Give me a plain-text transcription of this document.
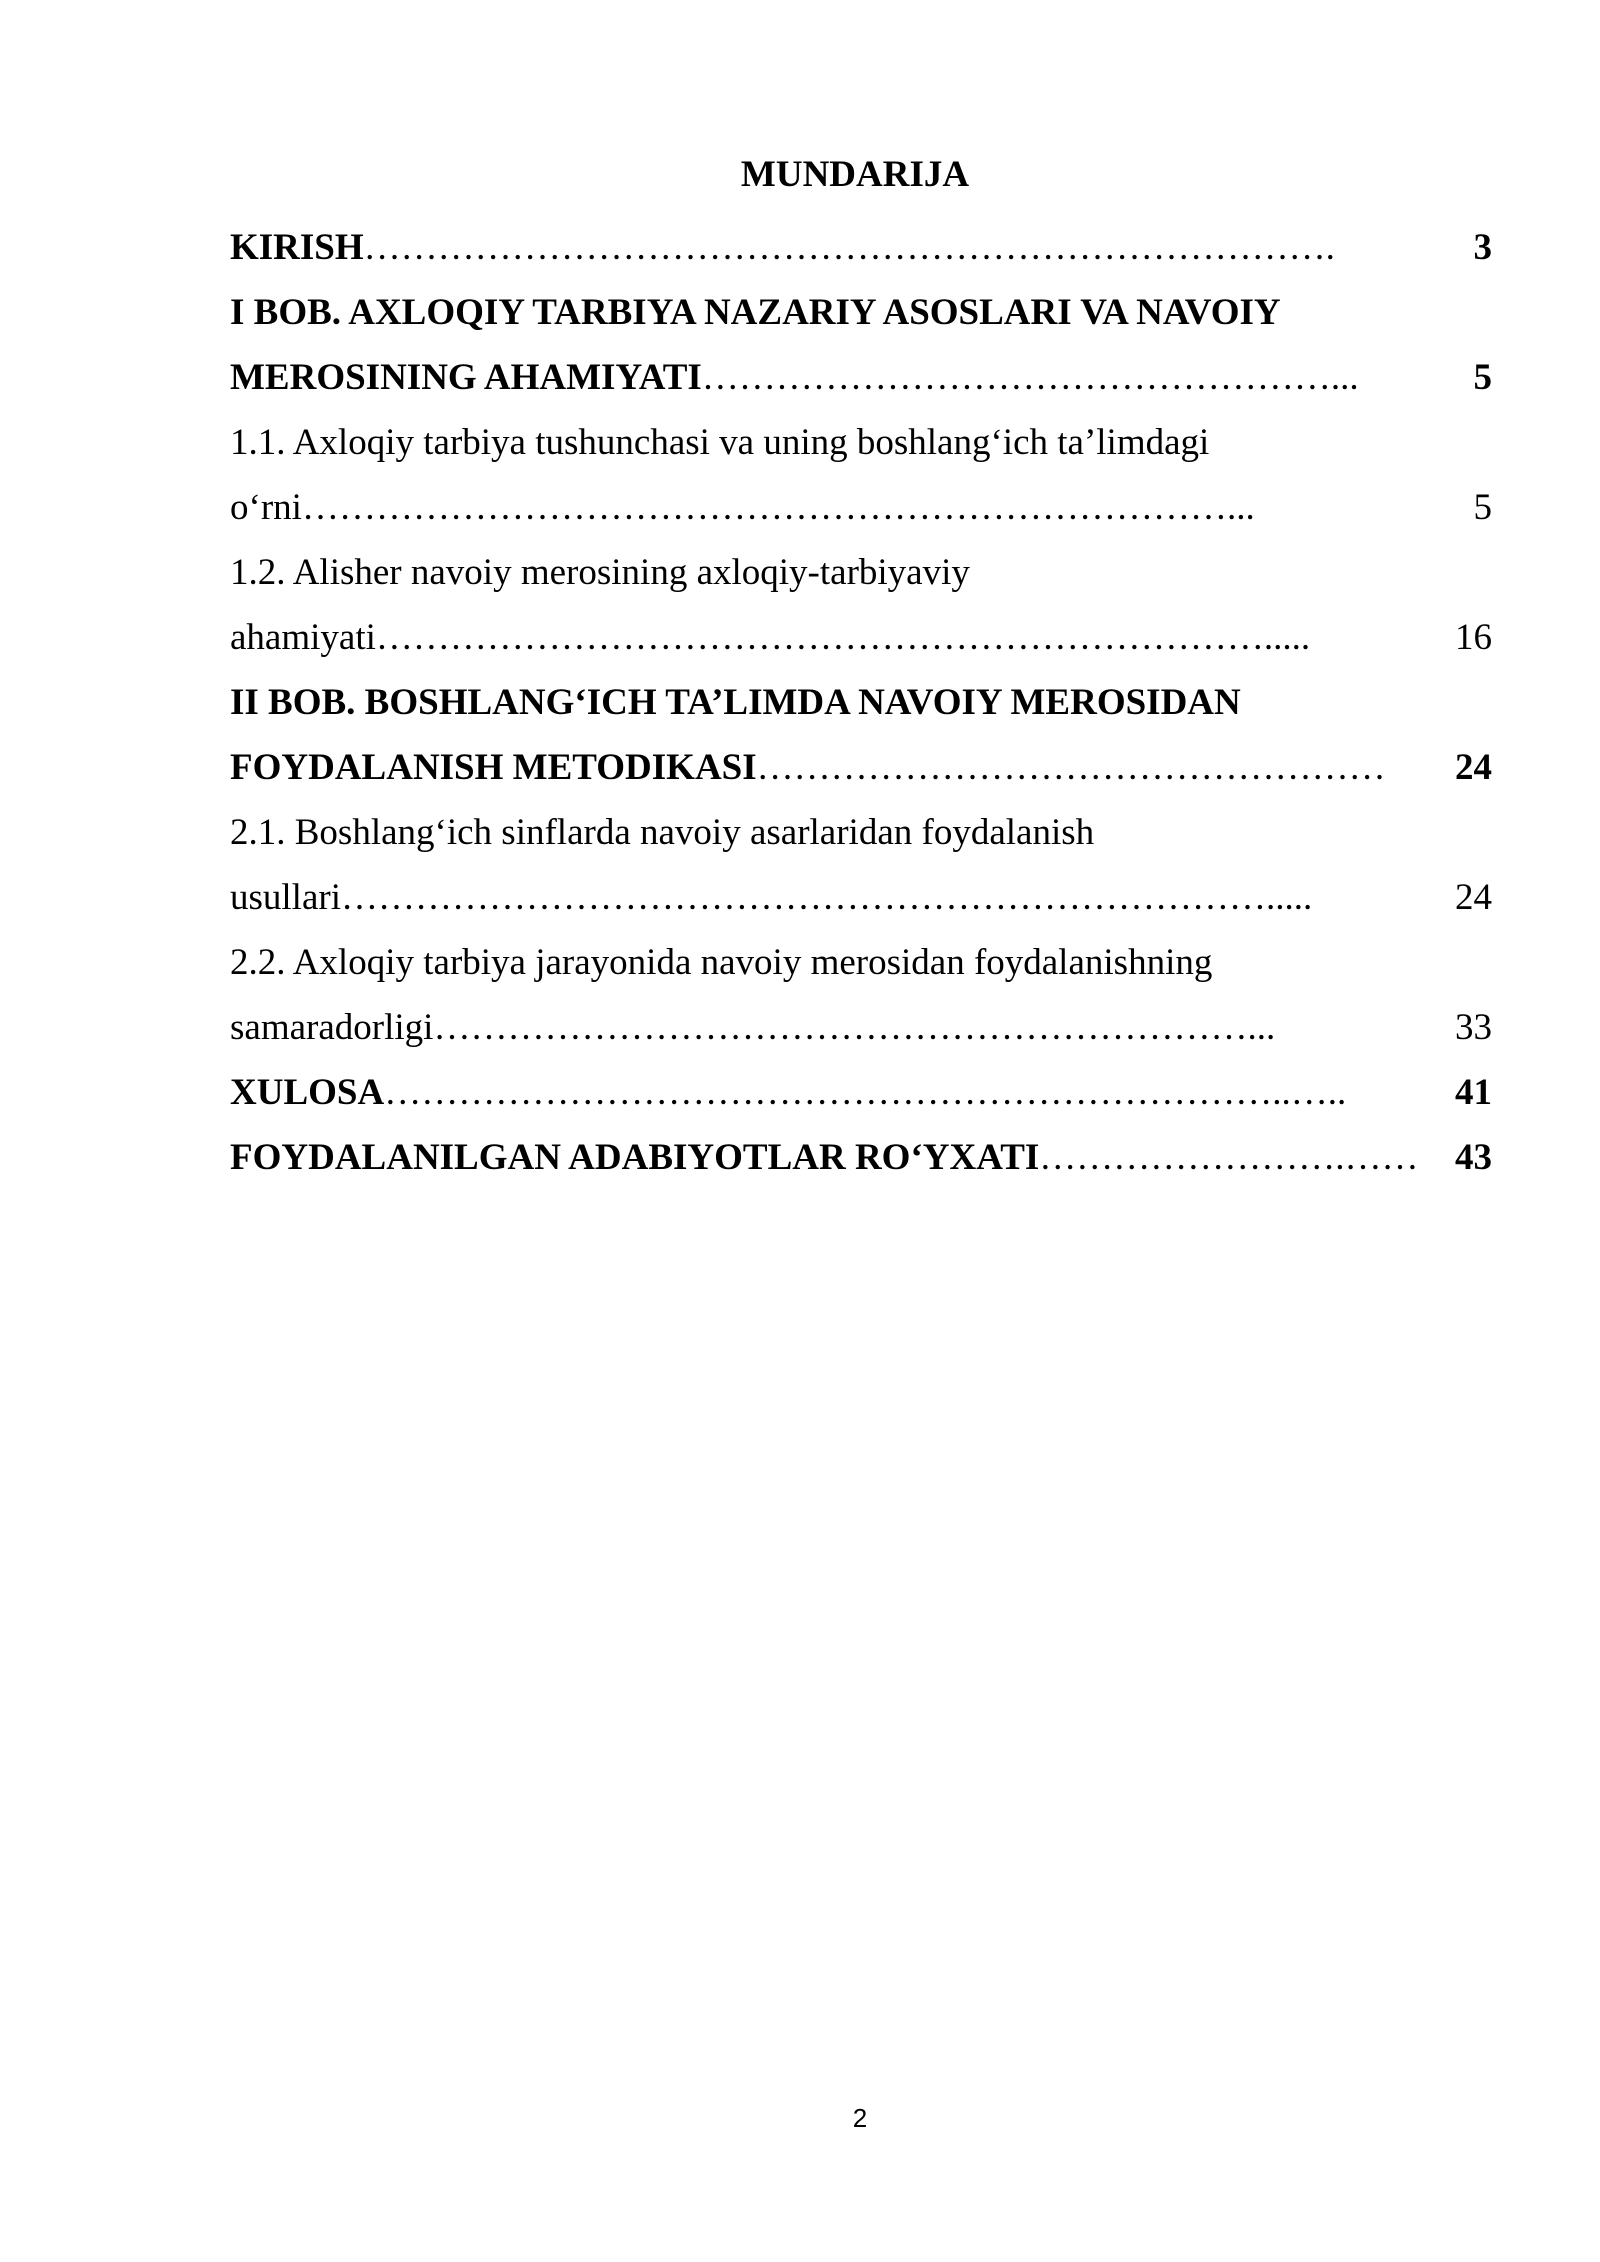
MUNDARIJA
KIRISH …………………………………………………………………….	3
I BOB. AXLOQIY TARBIYA NAZARIY ASOSLARI VA NAVOIY
MEROSINING AHAMIYATI ……………………………………………...	5
1.1. Axloqiy tarbiya tushunchasi va uning boshlang‘ich ta’limdagi
o‘rni …………………………………………………………………...	5
1.2. Alisher navoiy merosining axloqiy-tarbiyaviy
ahamiyati ……………………………………………………………….....	16
II BOB. BOSHLANG‘ICH TA’LIMDA NAVOIY MEROSIDAN
FOYDALANISH METODIKASI ……………………………………………	24
2.1. Boshlang‘ich sinflarda navoiy asarlaridan foydalanish
usullari ………………………………………………………………….....	24
2.2. Axloqiy tarbiya jarayonida navoiy merosidan foydalanishning
samaradorligi …………………………………………………………...	33
XULOSA ………………………………………………………………..…..	41
FOYDALANILGAN ADABIYOTLAR RO‘YXATI …………………….…… 43
2
